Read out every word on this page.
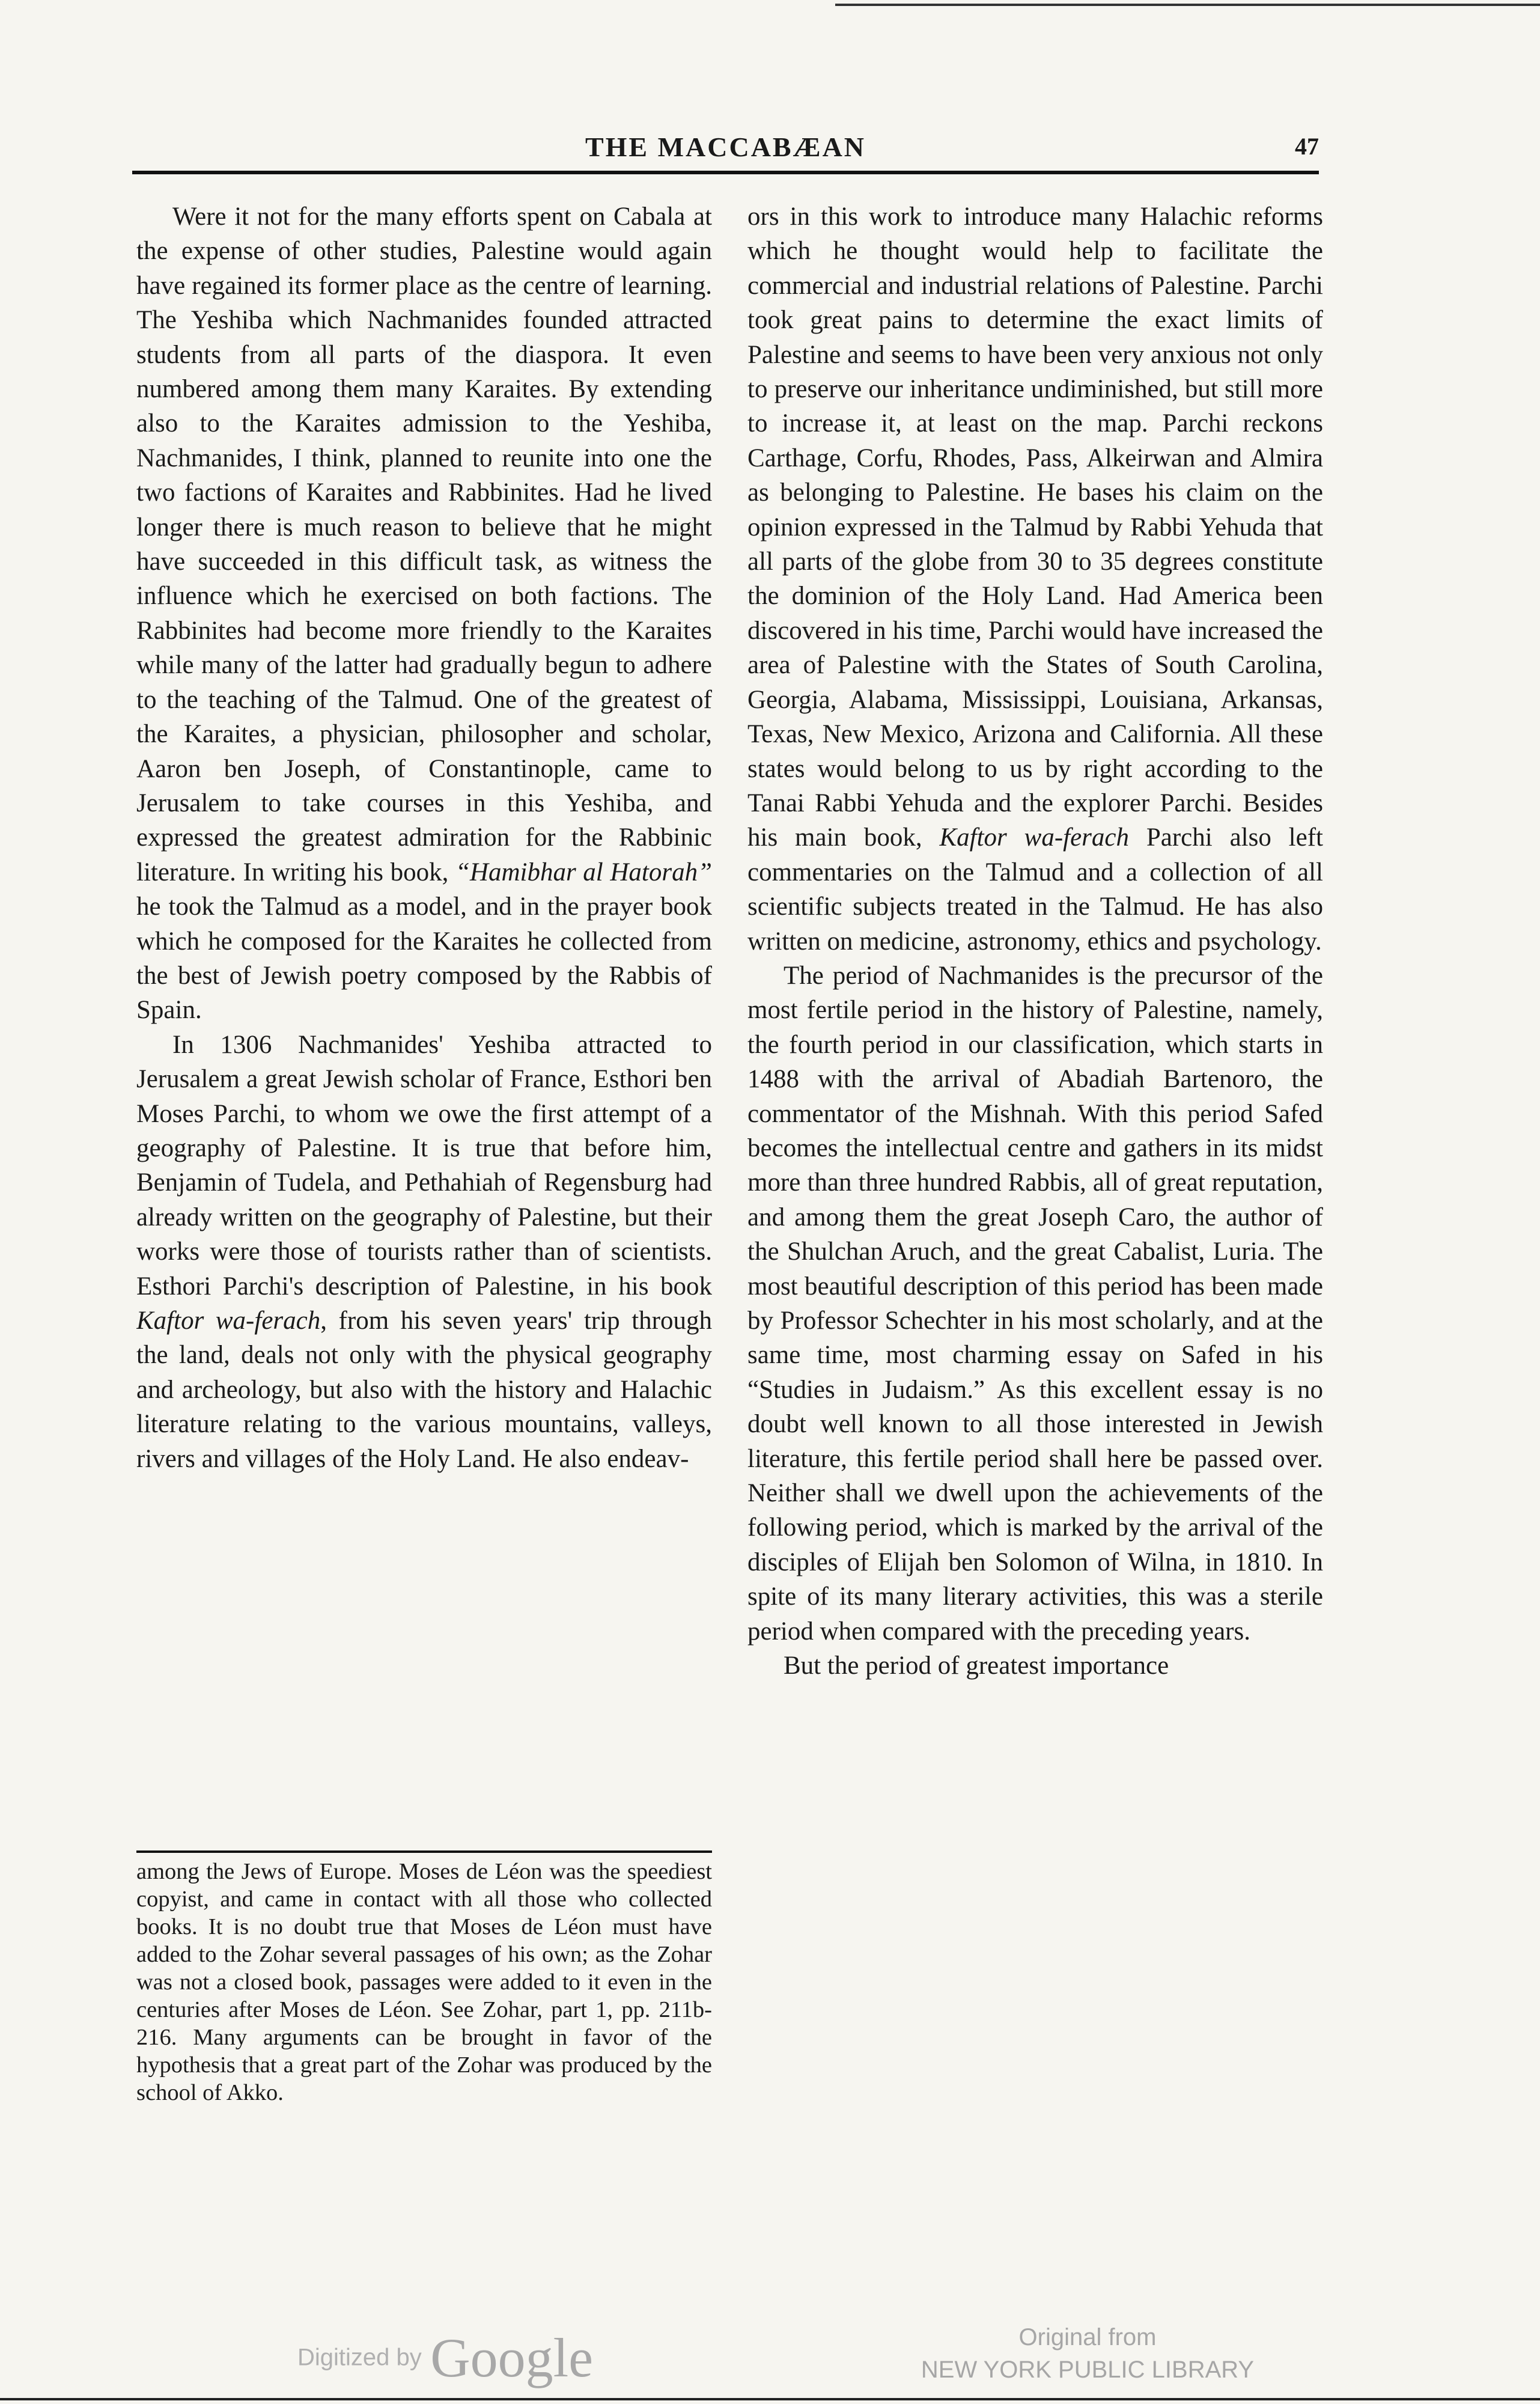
THE MACCABÆAN	47

Were it not for the many efforts spent on Cabala at the expense of other studies, Palestine would again have regained its former place as the centre of learning. The Yeshiba which Nachmanides founded attracted students from all parts of the diaspora. It even numbered among them many Karaites. By extending also to the Karaites admission to the Yeshiba, Nachmanides, I think, planned to reunite into one the two factions of Karaites and Rabbinites. Had he lived longer there is much reason to believe that he might have succeeded in this difficult task, as witness the influence which he exercised on both factions. The Rabbinites had become more friendly to the Karaites while many of the latter had gradually begun to adhere to the teaching of the Talmud. One of the greatest of the Karaites, a physician, philosopher and scholar, Aaron ben Joseph, of Constantinople, came to Jerusalem to take courses in this Yeshiba, and expressed the greatest admiration for the Rabbinic literature. In writing his book, “Hamibhar al Hatorah” he took the Talmud as a model, and in the prayer book which he composed for the Karaites he collected from the best of Jewish poetry composed by the Rabbis of Spain.

In 1306 Nachmanides' Yeshiba attracted to Jerusalem a great Jewish scholar of France, Esthori ben Moses Parchi, to whom we owe the first attempt of a geography of Palestine. It is true that before him, Benjamin of Tudela, and Pethahiah of Regensburg had already written on the geography of Palestine, but their works were those of tourists rather than of scientists. Esthori Parchi's description of Palestine, in his book Kaftor wa-ferach, from his seven years' trip through the land, deals not only with the physical geography and archeology, but also with the history and Halachic literature relating to the various mountains, valleys, rivers and villages of the Holy Land. He also endeav-

among the Jews of Europe. Moses de Léon was the speediest copyist, and came in contact with all those who collected books. It is no doubt true that Moses de Léon must have added to the Zohar several passages of his own; as the Zohar was not a closed book, passages were added to it even in the centuries after Moses de Léon. See Zohar, part 1, pp. 211b-216. Many arguments can be brought in favor of the hypothesis that a great part of the Zohar was produced by the school of Akko.

ors in this work to introduce many Halachic reforms which he thought would help to facilitate the commercial and industrial relations of Palestine. Parchi took great pains to determine the exact limits of Palestine and seems to have been very anxious not only to preserve our inheritance undiminished, but still more to increase it, at least on the map. Parchi reckons Carthage, Corfu, Rhodes, Pass, Alkeirwan and Almira as belonging to Palestine. He bases his claim on the opinion expressed in the Talmud by Rabbi Yehuda that all parts of the globe from 30 to 35 degrees constitute the dominion of the Holy Land. Had America been discovered in his time, Parchi would have increased the area of Palestine with the States of South Carolina, Georgia, Alabama, Mississippi, Louisiana, Arkansas, Texas, New Mexico, Arizona and California. All these states would belong to us by right according to the Tanai Rabbi Yehuda and the explorer Parchi. Besides his main book, Kaftor wa-ferach Parchi also left commentaries on the Talmud and a collection of all scientific subjects treated in the Talmud. He has also written on medicine, astronomy, ethics and psychology.

The period of Nachmanides is the precursor of the most fertile period in the history of Palestine, namely, the fourth period in our classification, which starts in 1488 with the arrival of Abadiah Bartenoro, the commentator of the Mishnah. With this period Safed becomes the intellectual centre and gathers in its midst more than three hundred Rabbis, all of great reputation, and among them the great Joseph Caro, the author of the Shulchan Aruch, and the great Cabalist, Luria. The most beautiful description of this period has been made by Professor Schechter in his most scholarly, and at the same time, most charming essay on Safed in his “Studies in Judaism.” As this excellent essay is no doubt well known to all those interested in Jewish literature, this fertile period shall here be passed over. Neither shall we dwell upon the achievements of the following period, which is marked by the arrival of the disciples of Elijah ben Solomon of Wilna, in 1810. In spite of its many literary activities, this was a sterile period when compared with the preceding years.

But the period of greatest importance

Digitized by Google	Original from
NEW YORK PUBLIC LIBRARY
